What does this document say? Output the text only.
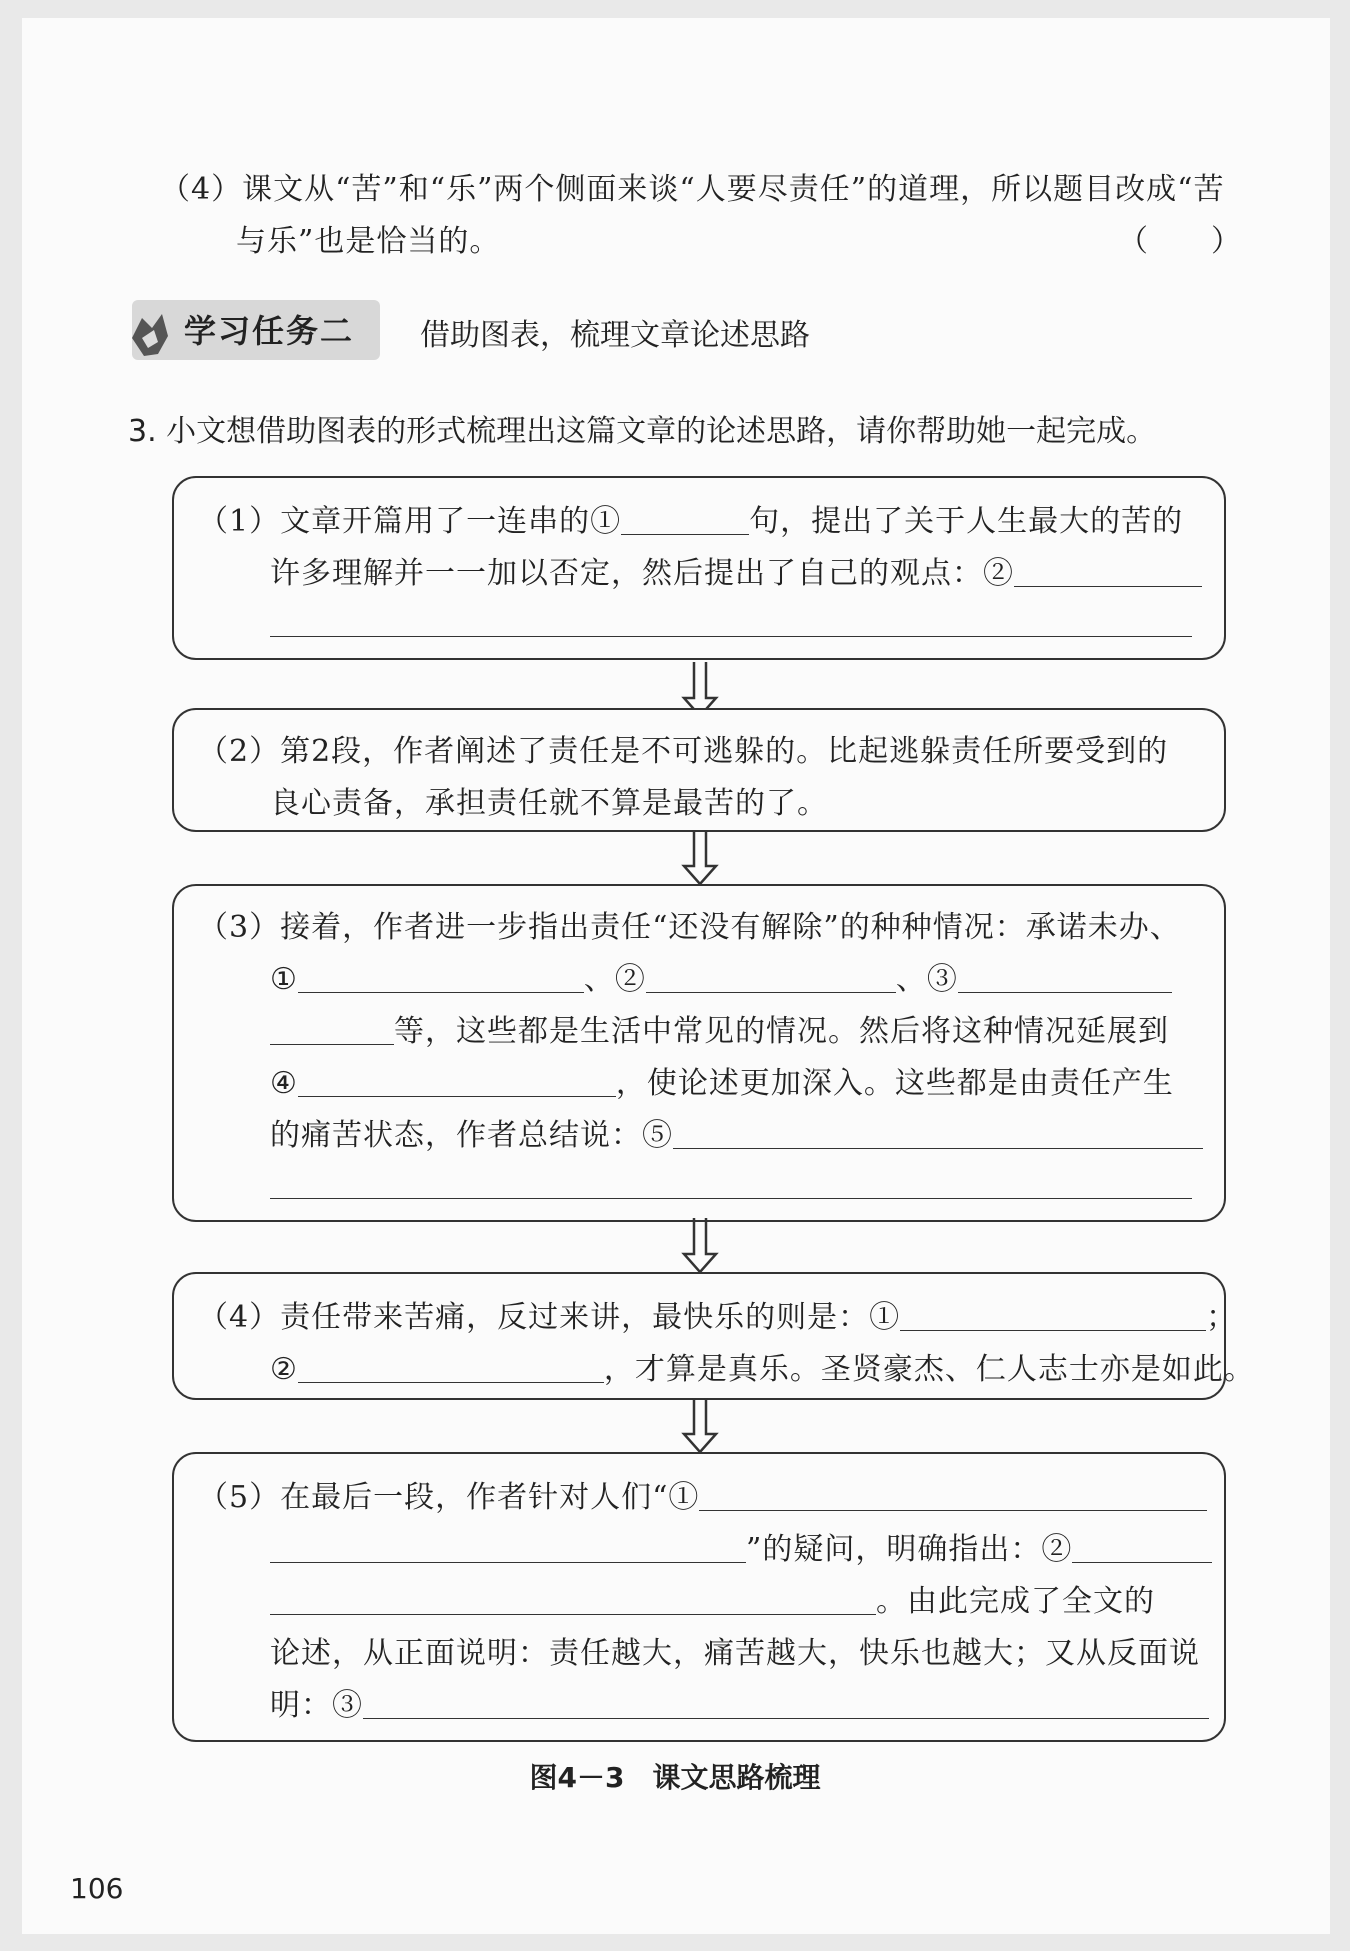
（4）课文从“苦”和“乐”两个侧面来谈“人要尽责任”的道理，所以题目改成“苦
与乐”也是恰当的。	（　　）
学习任务二 借助图表，梳理文章论述思路
3. 小文想借助图表的形式梳理出这篇文章的论述思路，请你帮助她一起完成。
（1）文章开篇用了一连串的①	句，提出了关于人生最大的苦的
许多理解并一一加以否定，然后提出了自己的观点：②
（2）第2段，作者阐述了责任是不可逃躲的。比起逃躲责任所要受到的
良心责备，承担责任就不算是最苦的了。
（3）接着，作者进一步指出责任“还没有解除”的种种情况：承诺未办、
①	、②	、③
等，这些都是生活中常见的情况。然后将这种情况延展到
④	，使论述更加深入。这些都是由责任产生
的痛苦状态，作者总结说：⑤
（4）责任带来苦痛，反过来讲，最快乐的则是：①	；
②	，才算是真乐。圣贤豪杰、仁人志士亦是如此。
（5）在最后一段，作者针对人们“①
”的疑问，明确指出：②
。由此完成了全文的
论述，从正面说明：责任越大，痛苦越大，快乐也越大；又从反面说
明：③
图4－3　课文思路梳理
106
